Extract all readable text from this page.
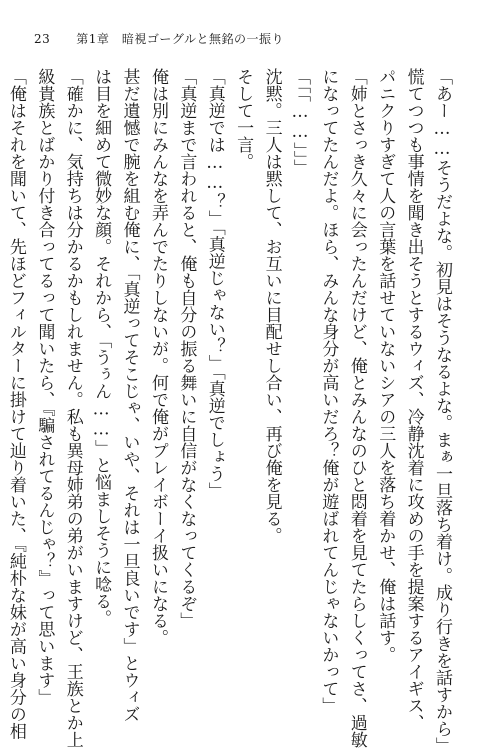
23 第1章　暗視ゴーグルと無銘の一振り

「あー……そうだよな。初見はそうなるよな。まぁ一旦落ち着け。成り行きを話すから」

慌てつつも事情を聞き出そうとするウィズ、冷静沈着に攻めの手を提案するアイギス、

パニクりすぎて人の言葉を話せていないシアの三人を落ち着かせ、俺は話す。

「姉とさっき久々に会ったんだけど、俺とみんなのひと悶着を見てたらしくってさ、過敏

になってたんだよ。ほら、みんな身分が高いだろ？俺が遊ばれてんじゃないかって」

「「「……」」」

沈黙。三人は黙して、お互いに目配せし合い、再び俺を見る。

そして一言。

「真逆では……？」「真逆じゃない？」「真逆でしょう」

「真逆まで言われると、俺も自分の振る舞いに自信がなくなってくるぞ」

俺は別にみんなを弄んでたりしないが。何で俺がプレイボーイ扱いになる。

甚だ遺憾で腕を組む俺に、「真逆ってそこじゃ、いや、それは一旦良いです」とウィズ

は目を細めて微妙な顔。それから、「うぅん……」と悩ましそうに唸る。

「確かに、気持ちは分かるかもしれません。私も異母姉弟の弟がいますけど、王族とか上

級貴族とばかり付き合ってるって聞いたら、『騙されてるんじゃ？』って思います」

「俺はそれを聞いて、先ほどフィルターに掛けて辿り着いた、『純朴な妹が高い身分の相
